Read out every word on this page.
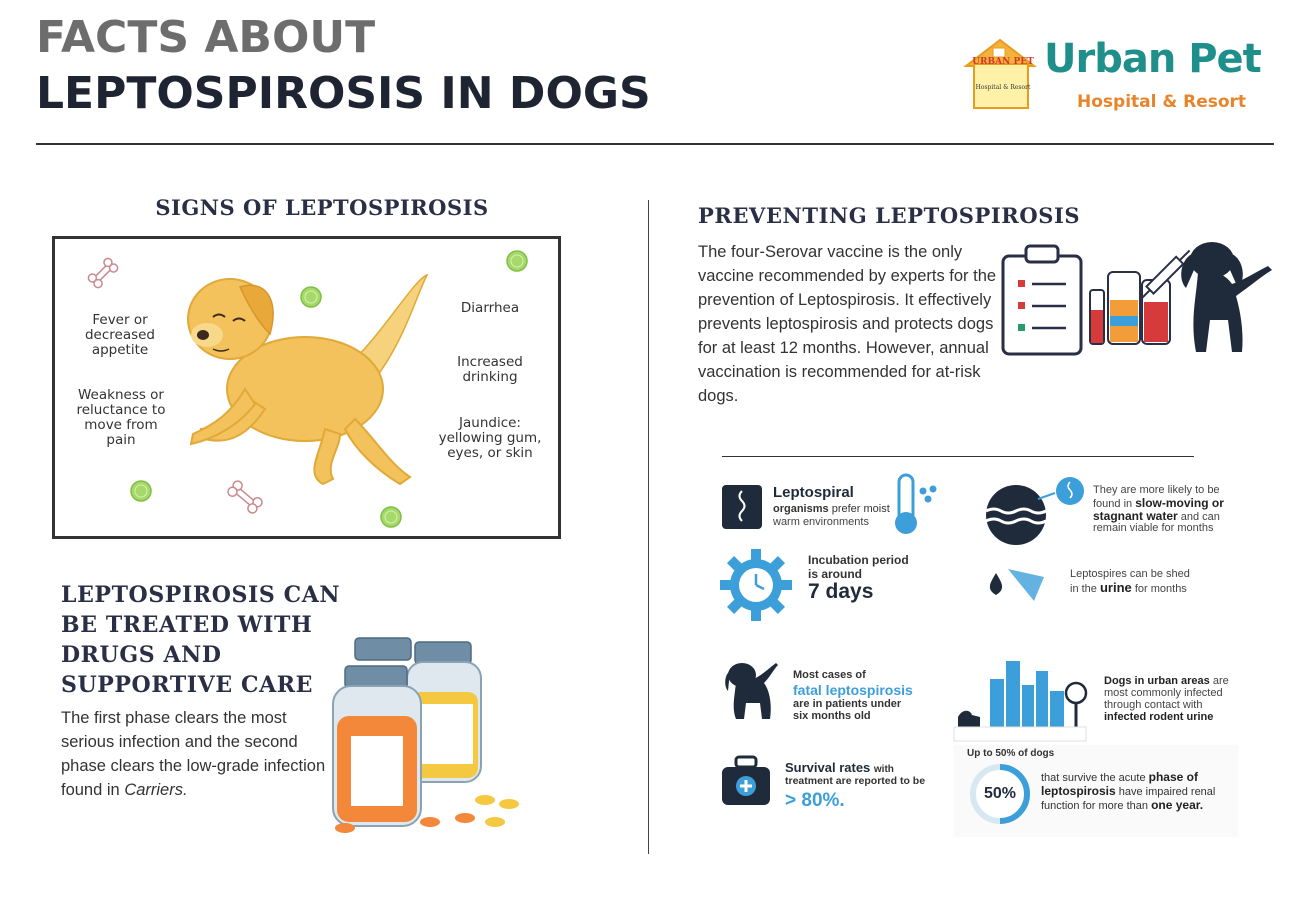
FACTS ABOUT
LEPTOSPIROSIS IN DOGS
URBAN PET
Hospital & Resort
Urban Pet
Hospital & Resort
SIGNS OF LEPTOSPIROSIS
Fever or decreased appetite
Weakness or reluctance to move from pain
Diarrhea
Increased drinking
Jaundice: yellowing gum, eyes, or skin
LEPTOSPIROSIS CAN BE TREATED WITH DRUGS AND SUPPORTIVE CARE
The first phase clears the most serious infection and the second phase clears the low-grade infection found in Carriers.
PREVENTING LEPTOSPIROSIS
The four-Serovar vaccine is the only vaccine recommended by experts for the prevention of Leptospirosis. It effectively prevents leptospirosis and protects dogs for at least 12 months. However, annual vaccination is recommended for at-risk dogs.
Leptospiral
organisms prefer moist
warm environments
They are more likely to be
found in slow-moving or
stagnant water and can
remain viable for months
Incubation period
is around
7 days
Leptospires can be shed
in the urine for months
Most cases of
fatal leptospirosis
are in patients under
six months old
Dogs in urban areas are
most commonly infected
through contact with
infected rodent urine
Survival rates with
treatment are reported to be
> 80%.
Up to 50% of dogs
50%
that survive the acute phase of
leptospirosis have impaired renal
function for more than one year.
